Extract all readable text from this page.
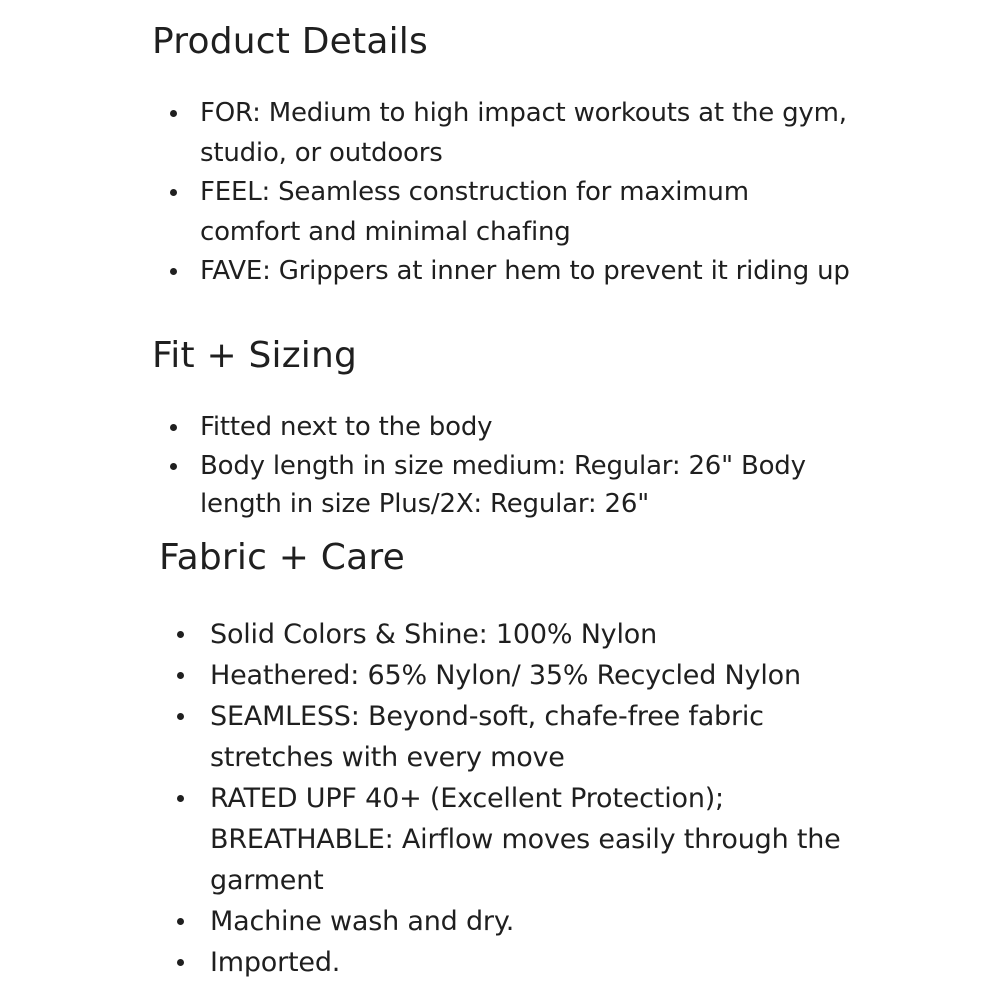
Product Details
FOR: Medium to high impact workouts at the gym, studio, or outdoors
FEEL: Seamless construction for maximum comfort and minimal chafing
FAVE: Grippers at inner hem to prevent it riding up
Fit + Sizing
Fitted next to the body
Body length in size medium: Regular: 26" Body length in size Plus/2X: Regular: 26"
Fabric + Care
Solid Colors & Shine: 100% Nylon
Heathered: 65% Nylon/ 35% Recycled Nylon
SEAMLESS: Beyond-soft, chafe-free fabric stretches with every move
RATED UPF 40+ (Excellent Protection); BREATHABLE: Airflow moves easily through the garment
Machine wash and dry.
Imported.
